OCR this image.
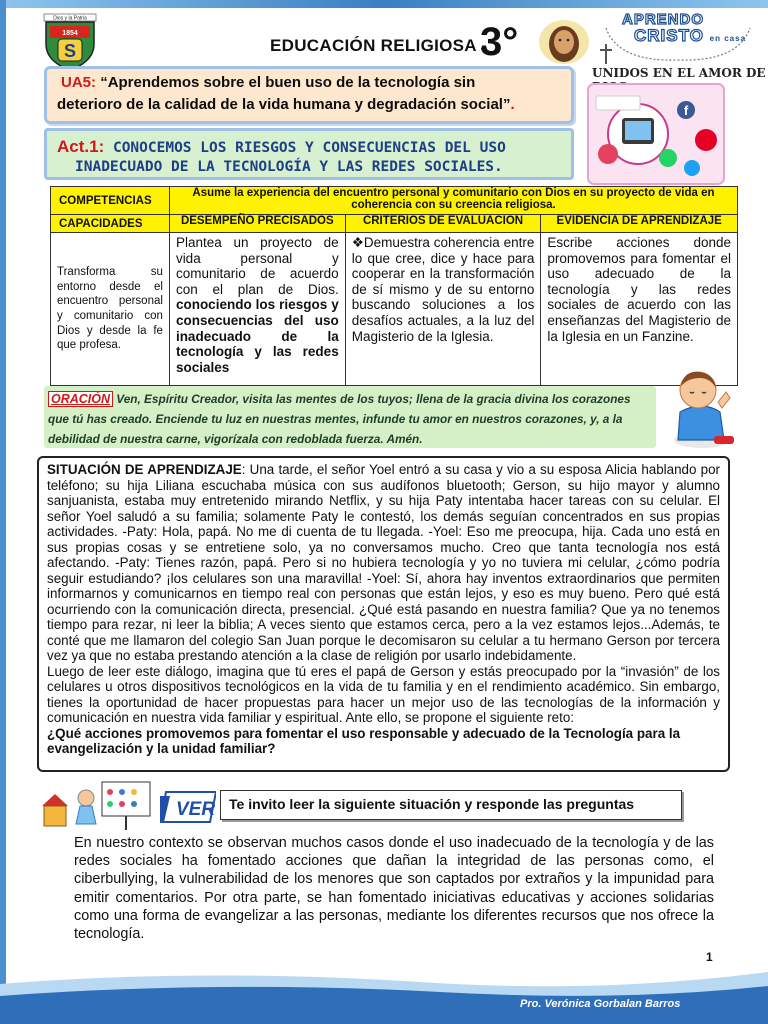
S
Dios y la Patria
1854
EDUCACIÓN RELIGIOSA -
3°
APRENDO
CRISTO en casa
UNIDOS EN EL AMOR DE
UA5: “Aprendemos sobre el buen uso de la tecnología sin
deterioro de la calidad de la vida humana y degradación social”.
Act.1: CONOCEMOS LOS RIESGOS Y CONSECUENCIAS DEL USO
INADECUADO DE LA TECNOLOGÍA Y LAS REDES SOCIALES.
f
COMPETENCIAS	Asume la experiencia del encuentro personal y comunitario con Dios en su proyecto de vida en coherencia con su creencia religiosa.		
CAPACIDADES	DESEMPEÑO PRECISADOS	CRITERIOS DE EVALUACION	EVIDENCIA DE APRENDIZAJE
Transforma su entorno desde el encuentro personal y comunitario con Dios y desde la fe que profesa.	Plantea un proyecto de vida personal y comunitario de acuerdo con el plan de Dios. conociendo los riesgos y consecuencias del uso inadecuado de la tecnología y las redes sociales	❖Demuestra coherencia entre lo que cree, dice y hace para cooperar en la transformación de sí mismo y de su entorno buscando soluciones a los desafíos actuales, a la luz del Magisterio de la Iglesia.	Escribe acciones donde promovemos para fomentar el uso adecuado de la tecnología y las redes sociales de acuerdo con las enseñanzas del Magisterio de la Iglesia en un Fanzine.
ORACIÓN Ven, Espíritu Creador, visita las mentes de los tuyos; llena de la gracia divina los corazones que tú has creado. Enciende tu luz en nuestras mentes, infunde tu amor en nuestros corazones, y, a la debilidad de nuestra carne, vigorízala con redoblada fuerza. Amén.

SITUACIÓN DE APRENDIZAJE: Una tarde, el señor Yoel entró a su casa y vio a su esposa Alicia hablando por teléfono; su hija Liliana escuchaba música con sus audífonos bluetooth; Gerson, su hijo mayor y alumno sanjuanista, estaba muy entretenido mirando Netflix, y su hija Paty intentaba hacer tareas con su celular. El señor Yoel saludó a su familia; solamente Paty le contestó, los demás seguían concentrados en sus propias actividades. -Paty: Hola, papá. No me di cuenta de tu llegada. -Yoel: Eso me preocupa, hija. Cada uno está en sus propias cosas y se entretiene solo, ya no conversamos mucho. Creo que tanta tecnología nos está afectando. -Paty: Tienes razón, papá. Pero si no hubiera tecnología y yo no tuviera mi celular, ¿cómo podría seguir estudiando? ¡los celulares son una maravilla! -Yoel: Sí, ahora hay inventos extraordinarios que permiten informarnos y comunicarnos en tiempo real con personas que están lejos, y eso es muy bueno. Pero qué está ocurriendo con la comunicación directa, presencial. ¿Qué está pasando en nuestra familia? Que ya no tenemos tiempo para rezar, ni leer la biblia; A veces siento que estamos cerca, pero a la vez estamos lejos...Además, te conté que me llamaron del colegio San Juan porque le decomisaron su celular a tu hermano Gerson por tercera vez ya que no estaba prestando atención a la clase de religión por usarlo indebidamente.

Luego de leer este diálogo, imagina que tú eres el papá de Gerson y estás preocupado por la “invasión” de los celulares u otros dispositivos tecnológicos en la vida de tu familia y en el rendimiento académico. Sin embargo, tienes la oportunidad de hacer propuestas para hacer un mejor uso de las tecnologías de la información y comunicación en nuestra vida familiar y espiritual. Ante ello, se propone el siguiente reto:

¿Qué acciones promovemos para fomentar el uso responsable y adecuado de la Tecnología para la evangelización y la unidad familiar?

VER Te invito leer la siguiente situación y responde las preguntas

En nuestro contexto se observan muchos casos donde el uso inadecuado de la tecnología y de las redes sociales ha fomentado acciones que dañan la integridad de las personas como, el ciberbullying, la vulnerabilidad de los menores que son captados por extraños y la impunidad para emitir comentarios. Por otra parte, se han fomentado iniciativas educativas y acciones solidarias como una forma de evangelizar a las personas, mediante los diferentes recursos que nos ofrece la tecnología.

1
Pro. Verónica Gorbalan Barros
